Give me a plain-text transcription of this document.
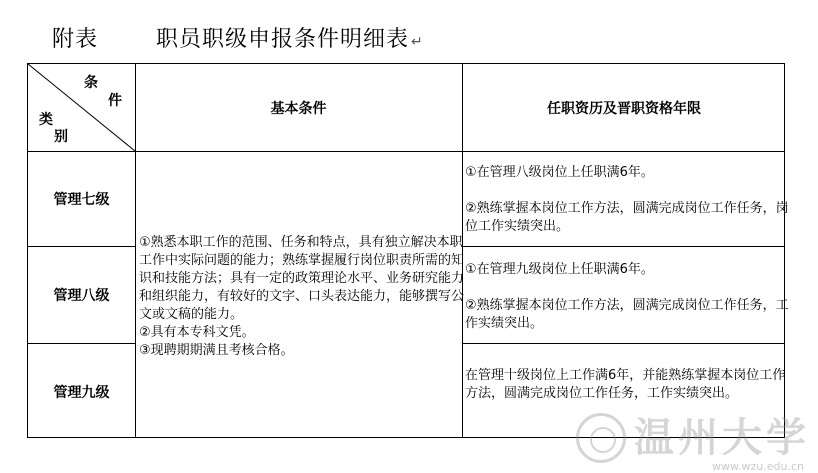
附表	职员职级申报条件明细表 ↵
条
件
类
别
基本条件	任职资历及晋职资格年限
管理七级
管理八级
管理九级
①熟悉本职工作的范围、任务和特点，具有独立解决本职工作中实际问题的能力；熟练掌握履行岗位职责所需的知识和技能方法；具有一定的政策理论水平、业务研究能力和组织能力，有较好的文字、口头表达能力，能够撰写公文或文稿的能力。
②具有本专科文凭。
③现聘期期满且考核合格。

①在管理八级岗位上任职满6年。

②熟练掌握本岗位工作方法，圆满完成岗位工作任务，岗位工作实绩突出。

①在管理九级岗位上任职满6年。

②熟练掌握本岗位工作方法，圆满完成岗位工作任务，工作实绩突出。

在管理十级岗位上工作满6年，并能熟练掌握本岗位工作方法，圆满完成岗位工作任务，工作实绩突出。

温州大学
www.wzu.edu.cn
